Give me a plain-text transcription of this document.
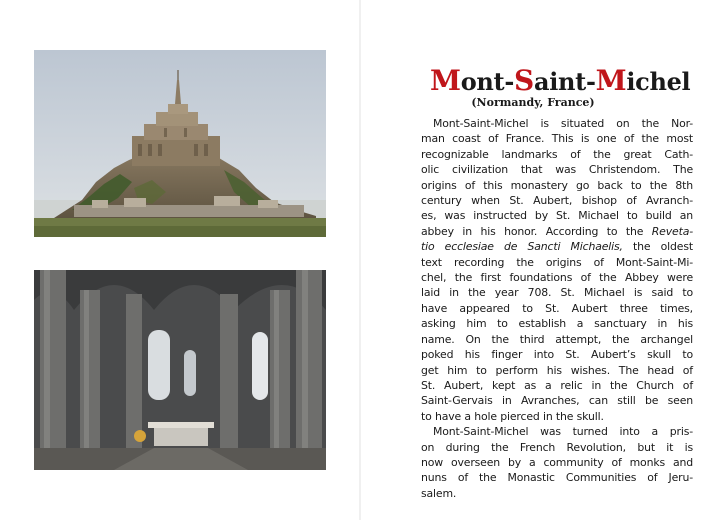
Mont-Saint-Michel
(Normandy, France)
Mont-Saint-Michel is situated on the Nor-
man coast of France. This is one of the most
recognizable landmarks of the great Cath-
olic civilization that was Christendom. The
origins of this monastery go back to the 8th
century when St. Aubert, bishop of Avranch-
es, was instructed by St. Michael to build an
abbey in his honor. According to the Reveta-
tio ecclesiae de Sancti Michaelis, the oldest
text recording the origins of Mont-Saint-Mi-
chel, the first foundations of the Abbey were
laid in the year 708. St. Michael is said to
have appeared to St. Aubert three times,
asking him to establish a sanctuary in his
name. On the third attempt, the archangel
poked his finger into St. Aubert’s skull to
get him to perform his wishes. The head of
St. Aubert, kept as a relic in the Church of
Saint-Gervais in Avranches, can still be seen
to have a hole pierced in the skull.
Mont-Saint-Michel was turned into a pris-
on during the French Revolution, but it is
now overseen by a community of monks and
nuns of the Monastic Communities of Jeru-
salem.
